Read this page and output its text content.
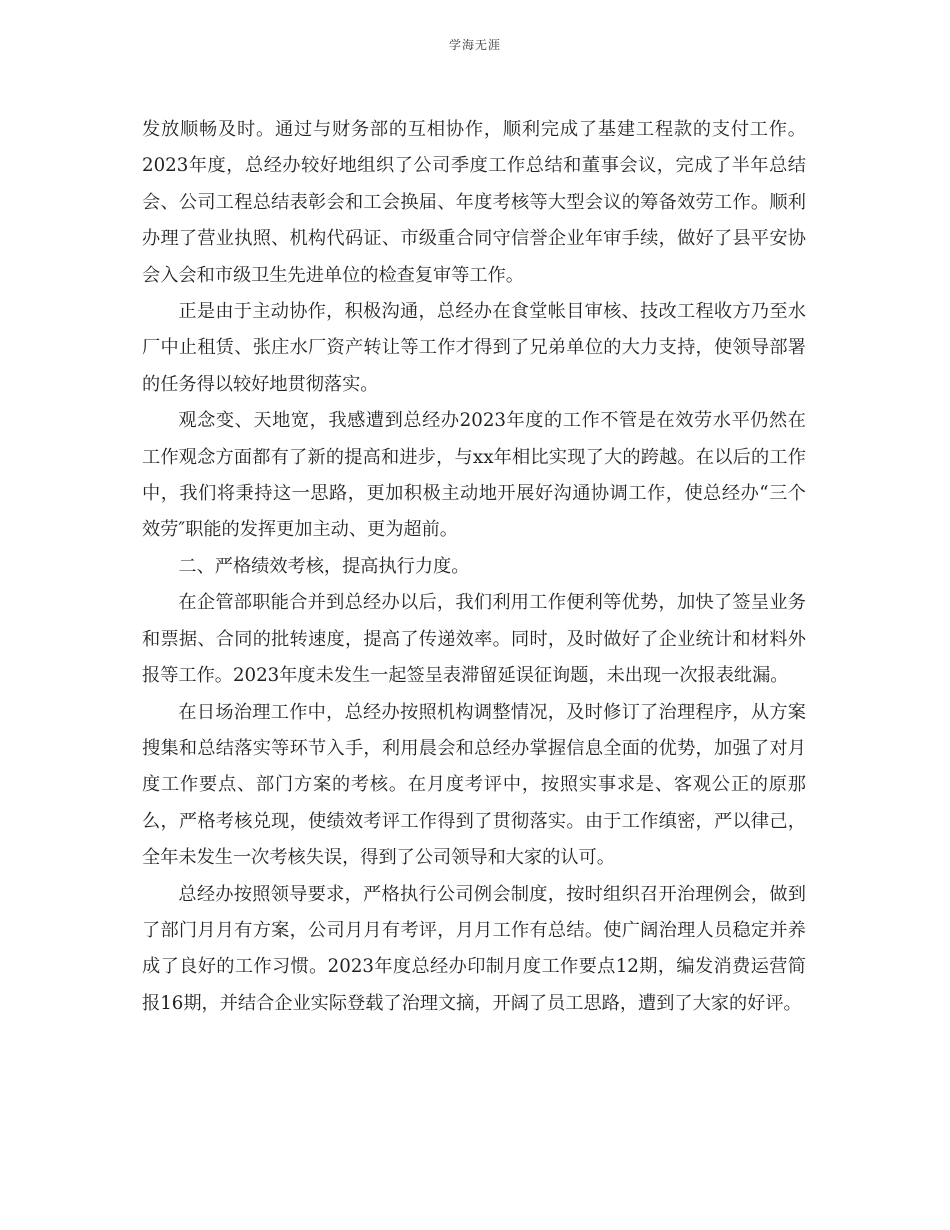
学海无涯

发放顺畅及时。通过与财务部的互相协作，顺利完成了基建工程款的支付工作。2023年度，总经办较好地组织了公司季度工作总结和董事会议，完成了半年总结会、公司工程总结表彰会和工会换届、年度考核等大型会议的筹备效劳工作。顺利办理了营业执照、机构代码证、市级重合同守信誉企业年审手续，做好了县平安协会入会和市级卫生先进单位的检查复审等工作。

正是由于主动协作，积极沟通，总经办在食堂帐目审核、技改工程收方乃至水厂中止租赁、张庄水厂资产转让等工作才得到了兄弟单位的大力支持，使领导部署的任务得以较好地贯彻落实。

观念变、天地宽，我感遭到总经办2023年度的工作不管是在效劳水平仍然在工作观念方面都有了新的提高和进步，与xx年相比实现了大的跨越。在以后的工作中，我们将秉持这一思路，更加积极主动地开展好沟通协调工作，使总经办“三个效劳″职能的发挥更加主动、更为超前。

二、严格绩效考核，提高执行力度。

在企管部职能合并到总经办以后，我们利用工作便利等优势，加快了签呈业务和票据、合同的批转速度，提高了传递效率。同时，及时做好了企业统计和材料外报等工作。2023年度未发生一起签呈表滞留延误征询题，未出现一次报表纰漏。

在日场治理工作中，总经办按照机构调整情况，及时修订了治理程序，从方案搜集和总结落实等环节入手，利用晨会和总经办掌握信息全面的优势，加强了对月度工作要点、部门方案的考核。在月度考评中，按照实事求是、客观公正的原那么，严格考核兑现，使绩效考评工作得到了贯彻落实。由于工作缜密，严以律己，全年未发生一次考核失误，得到了公司领导和大家的认可。

总经办按照领导要求，严格执行公司例会制度，按时组织召开治理例会，做到了部门月月有方案，公司月月有考评，月月工作有总结。使广阔治理人员稳定并养成了良好的工作习惯。2023年度总经办印制月度工作要点12期，编发消费运营简报16期，并结合企业实际登载了治理文摘，开阔了员工思路，遭到了大家的好评。
